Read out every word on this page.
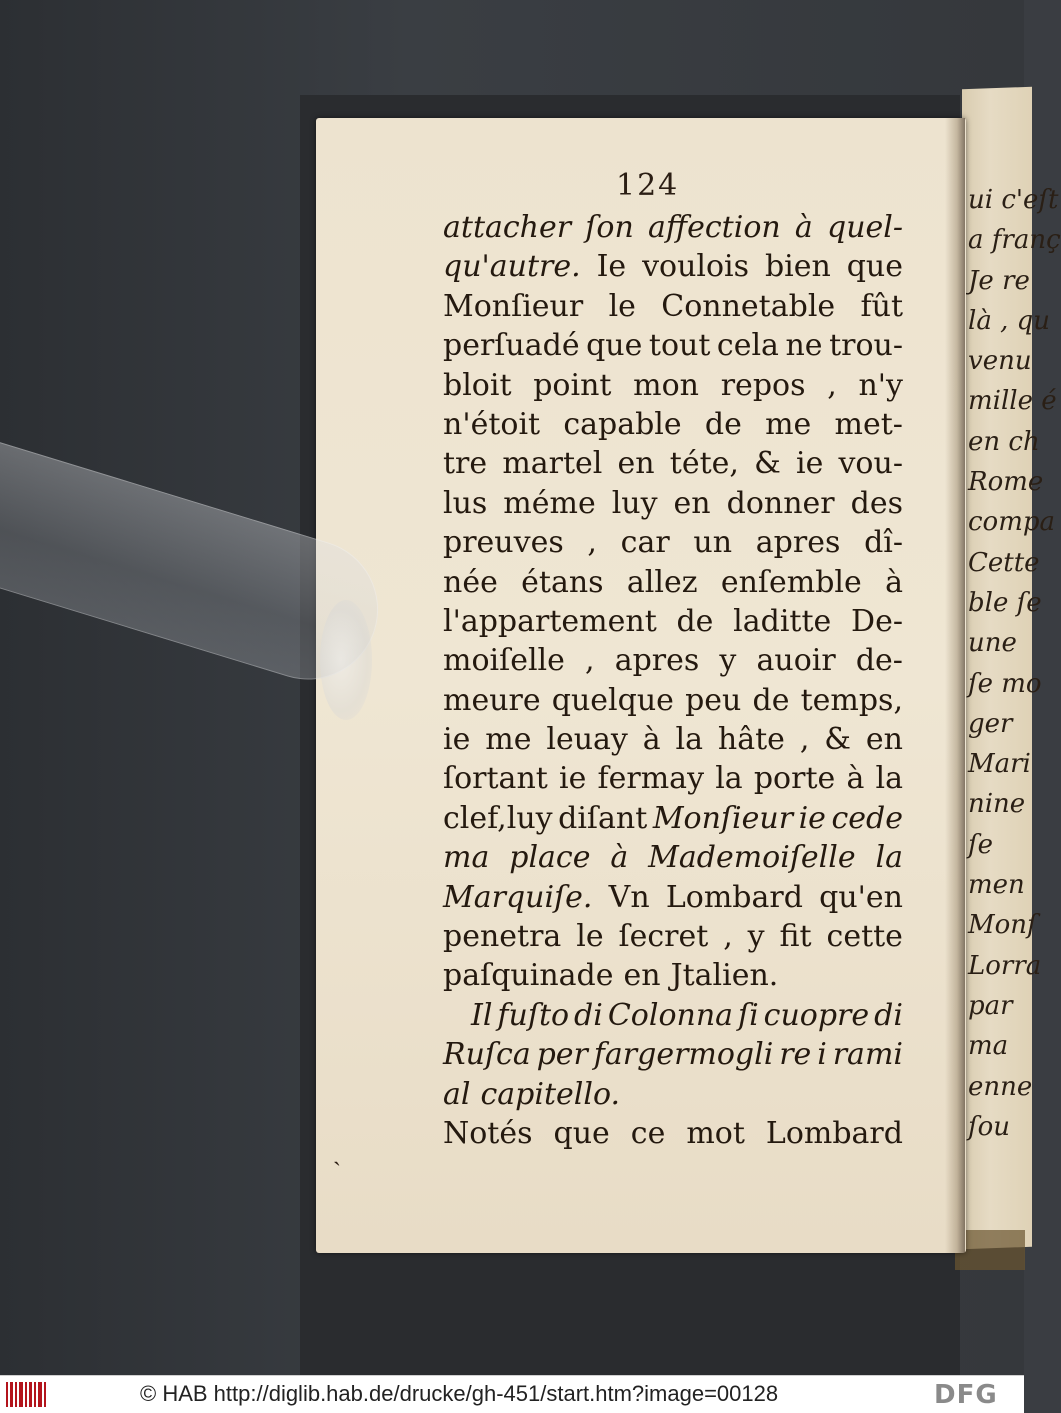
ui c'eſt
a franç
Je re
là , qu
venu
mille é
en ch
Rome
compa
Cette
ble ſe
une
ſe mo
ger
Mari
nine
ſe
men
Monſ
Lorra
par
ma
enne
ſou
124
attacher ſon affection à quel-
qu'autre. Ie voulois bien que
Monſieur le Connetable fût
perſuadé que tout cela ne trou-
bloit point mon repos , n'y
n'étoit capable de me met-
tre martel en téte, & ie vou-
lus méme luy en donner des
preuves , car un apres dî-
née étans allez enſemble à
l'appartement de laditte De-
moiſelle , apres y auoir de-
meure quelque peu de temps,
ie me leuay à la hâte , & en
ſortant ie fermay la porte à la
clef,luy diſant Monſieur ie cede
ma place à Mademoiſelle la
Marquiſe. Vn Lombard qu'en
penetra le ſecret , y fit cette
paſquinade en Jtalien.
Il fuſto di Colonna ſi cuopre di
Ruſca per fargermogli re i rami
al capitello.
Notés que ce mot Lombard
˴
© HAB http://diglib.hab.de/drucke/gh-451/start.htm?image=00128	DFG
